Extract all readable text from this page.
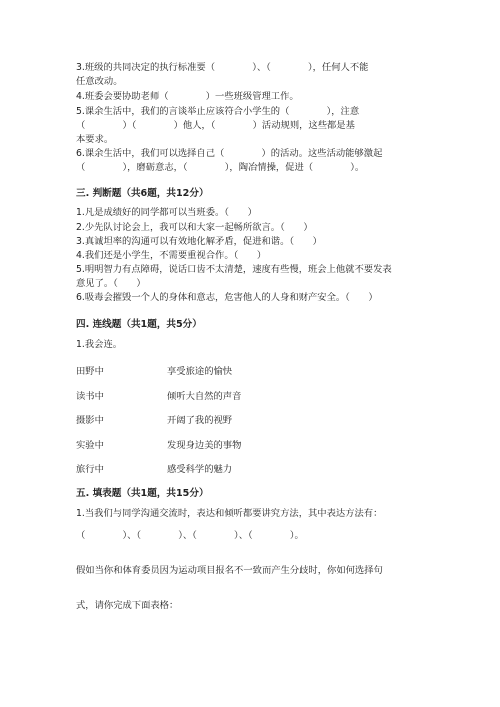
3.班级的共同决定的执行标准要（　　　　）、（　　　　），任何人不能
任意改动。
4.班委会要协助老师（　　　　）一些班级管理工作。
5.课余生活中，我们的言谈举止应该符合小学生的（　　　　），注意
（　　　　）（　　　　）他人，（　　　　）活动规则，这些都是基
本要求。
6.课余生活中，我们可以选择自己（　　　　）的活动。这些活动能够激起
（　　　　），磨砺意志，（　　　　），陶冶情操，促进（　　　　）。
三. 判断题（共6题，共12分）
1.凡是成绩好的同学都可以当班委。（　　）
2.少先队讨论会上，我可以和大家一起畅所欲言。（　　）
3.真诚坦率的沟通可以有效地化解矛盾，促进和谐。（　　）
4.我们还是小学生，不需要重视合作。（　　）
5.明明智力有点障碍，说话口齿不太清楚，速度有些慢，班会上他就不要发表
意见了。（　　）
6.吸毒会摧毁一个人的身体和意志，危害他人的人身和财产安全。（　　）
四. 连线题（共1题，共5分）
1.我会连。
田野中	享受旅途的愉快
读书中	倾听大自然的声音
摄影中	开阔了我的视野
实验中	发现身边美的事物
旅行中	感受科学的魅力
五. 填表题（共1题，共15分）
1.当我们与同学沟通交流时，表达和倾听都要讲究方法，其中表达方法有：
（　　　　）、（　　　　）、（　　　　）、（　　　　）。
假如当你和体育委员因为运动项目报名不一致而产生分歧时，你如何选择句
式，请你完成下面表格：
